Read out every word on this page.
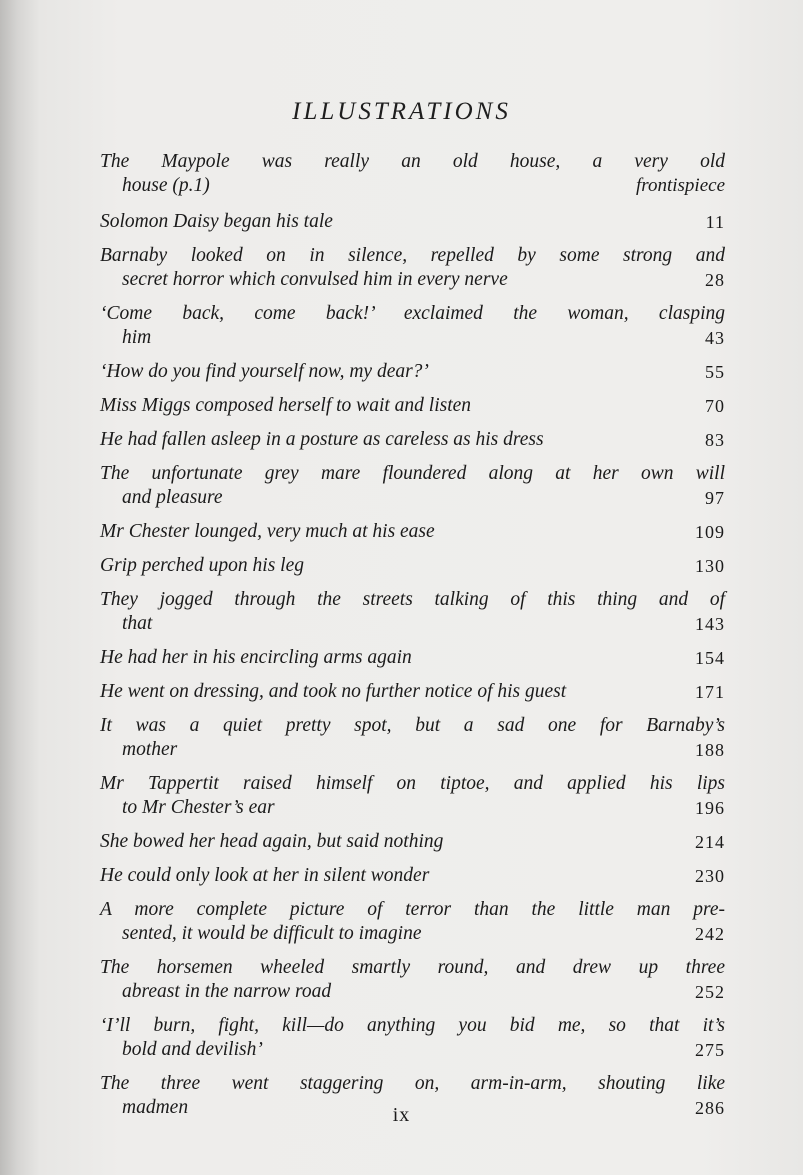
ILLUSTRATIONS
The Maypole was really an old house, a very old
house (p.1)	frontispiece
Solomon Daisy began his tale	11
Barnaby looked on in silence, repelled by some strong and
secret horror which convulsed him in every nerve	28
‘Come back, come back!’ exclaimed the woman, clasping
him	43
‘How do you find yourself now, my dear?’	55
Miss Miggs composed herself to wait and listen	70
He had fallen asleep in a posture as careless as his dress	83
The unfortunate grey mare floundered along at her own will
and pleasure	97
Mr Chester lounged, very much at his ease	109
Grip perched upon his leg	130
They jogged through the streets talking of this thing and of
that	143
He had her in his encircling arms again	154
He went on dressing, and took no further notice of his guest	171
It was a quiet pretty spot, but a sad one for Barnaby’s
mother	188
Mr Tappertit raised himself on tiptoe, and applied his lips
to Mr Chester’s ear	196
She bowed her head again, but said nothing	214
He could only look at her in silent wonder	230
A more complete picture of terror than the little man pre-
sented, it would be difficult to imagine	242
The horsemen wheeled smartly round, and drew up three
abreast in the narrow road	252
‘I’ll burn, fight, kill—do anything you bid me, so that it’s
bold and devilish’	275
The three went staggering on, arm-in-arm, shouting like
madmen	286
ix
